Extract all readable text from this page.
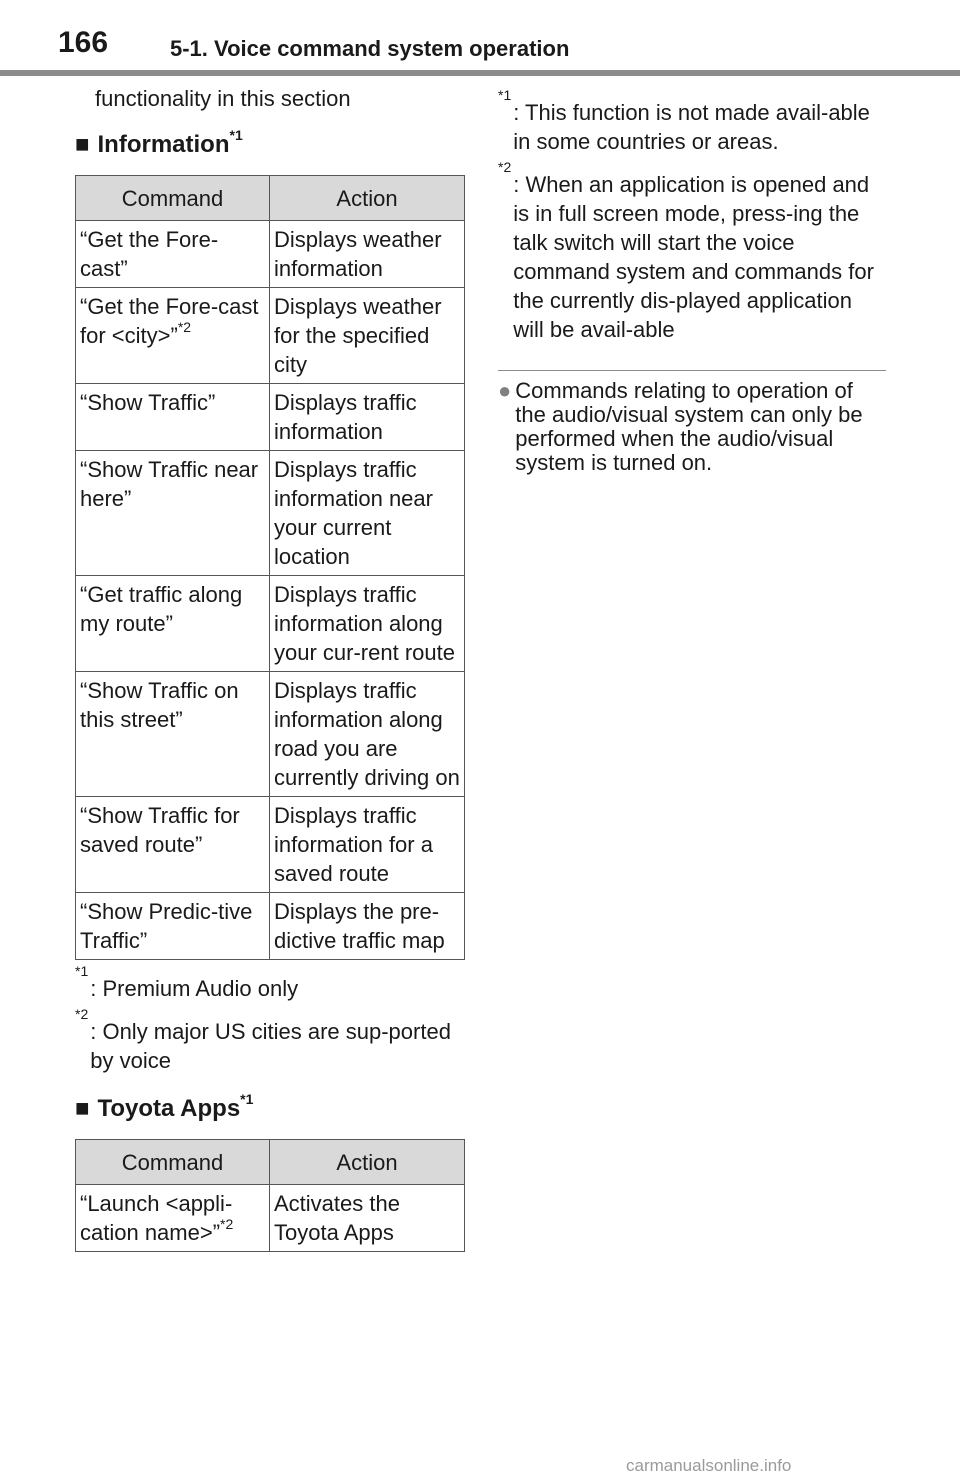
166	5-1. Voice command system operation

functionality in this section

■ Information$^{*1}$
Command	Action
“Get the Fore-cast”	Displays weather information
“Get the Fore-cast for <city>”$^{*2}$	Displays weather for the specified city
“Show Traffic”	Displays traffic information
“Show Traffic near here”	Displays traffic information near your current location
“Get traffic along my route”	Displays traffic information along your cur-rent route
“Show Traffic on this street”	Displays traffic information along road you are currently driving on
“Show Traffic for saved route”	Displays traffic information for a saved route
“Show Predic-tive Traffic”	Displays the pre-dictive traffic map
$^{*1}$
: Premium Audio only
$^{*2}$
: Only major US cities are sup-ported by voice
■ Toyota Apps$^{*1}$
Command	Action
“Launch <appli-cation name>”$^{*2}$	Activates the Toyota Apps
$^{*1}$
: This function is not made avail-able in some countries or areas.
$^{*2}$
: When an application is opened and is in full screen mode, press-ing the talk switch will start the voice command system and commands for the currently dis-played application will be avail-able
● Commands relating to operation of the audio/visual system can only be performed when the audio/visual system is turned on.
carmanualsonline.info
